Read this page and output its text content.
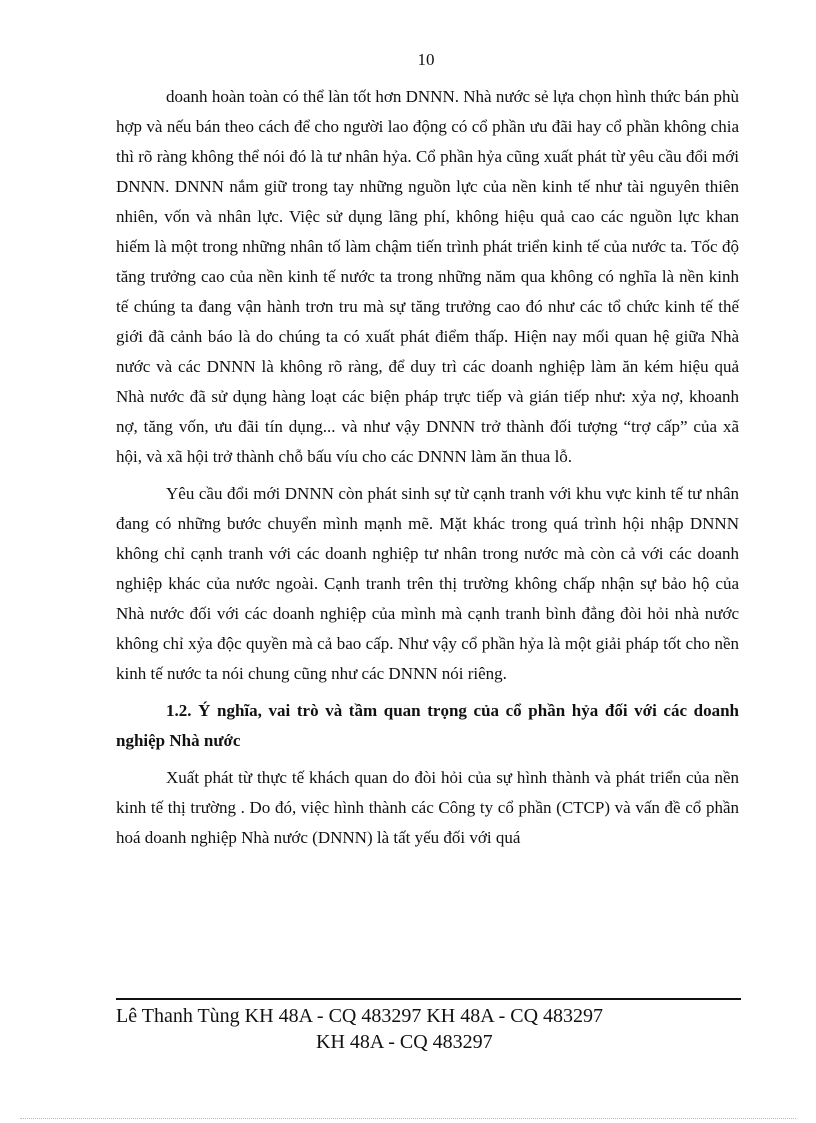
10

doanh hoàn toàn có thể làn tốt hơn DNNN. Nhà nước sẻ lựa chọn hình thức bán phù hợp và nếu bán theo cách để cho người lao động có cổ phần ưu đãi hay cổ phần không chia thì rõ ràng không thể nói đó là tư nhân hỷa. Cổ phần hỷa cũng xuất phát từ yêu cầu đổi mới DNNN. DNNN nắm giữ trong tay những nguồn lực của nền kinh tế như tài nguyên thiên nhiên, vốn và nhân lực. Việc sử dụng lãng phí, không hiệu quả cao các nguồn lực khan hiếm là một trong những nhân tố làm chậm tiến trình phát triển kinh tế của nước ta. Tốc độ tăng trưởng cao của nền kinh tế nước ta trong những năm qua không có nghĩa là nền kinh tế chúng ta đang vận hành trơn tru mà sự tăng trưởng cao đó như các tổ chức kinh tế thế giới đã cảnh báo là do chúng ta có xuất phát điểm thấp. Hiện nay mối quan hệ giữa Nhà nước và các DNNN là không rõ ràng, để duy trì các doanh nghiệp làm ăn kém hiệu quả Nhà nước đã sử dụng hàng loạt các biện pháp trực tiếp và gián tiếp như: xỷa nợ, khoanh nợ, tăng vốn, ưu đãi tín dụng... và như vậy DNNN trở thành đối tượng “trợ cấp” của xã hội, và xã hội trở thành chỗ bấu víu cho các DNNN làm ăn thua lỗ.

Yêu cầu đổi mới DNNN còn phát sinh sự từ cạnh tranh với khu vực kinh tế tư nhân đang có những bước chuyển mình mạnh mẽ. Mặt khác trong quá trình hội nhập DNNN không chỉ cạnh tranh với các doanh nghiệp tư nhân trong nước mà còn cả với các doanh nghiệp khác của nước ngoài. Cạnh tranh trên thị trường không chấp nhận sự bảo hộ của Nhà nước đối với các doanh nghiệp của mình mà cạnh tranh bình đẳng đòi hỏi nhà nước không chỉ xỷa độc quyền mà cả bao cấp. Như vậy cổ phần hỷa là một giải pháp tốt cho nền kinh tế nước ta nói chung cũng như các DNNN nói riêng.

1.2. Ý nghĩa, vai trò và tầm quan trọng của cổ phần hỷa đối với các doanh nghiệp Nhà nước

Xuất phát từ thực tế khách quan do đòi hỏi của sự hình thành và phát triển của nền kinh tế thị trường . Do đó, việc hình thành các Công ty cổ phần (CTCP) và vấn đề cổ phần hoá doanh nghiệp Nhà nước (DNNN) là tất yếu đối với quá

Lê Thanh Tùng KH 48A - CQ 483297 KH 48A - CQ 483297

KH 48A - CQ 483297
